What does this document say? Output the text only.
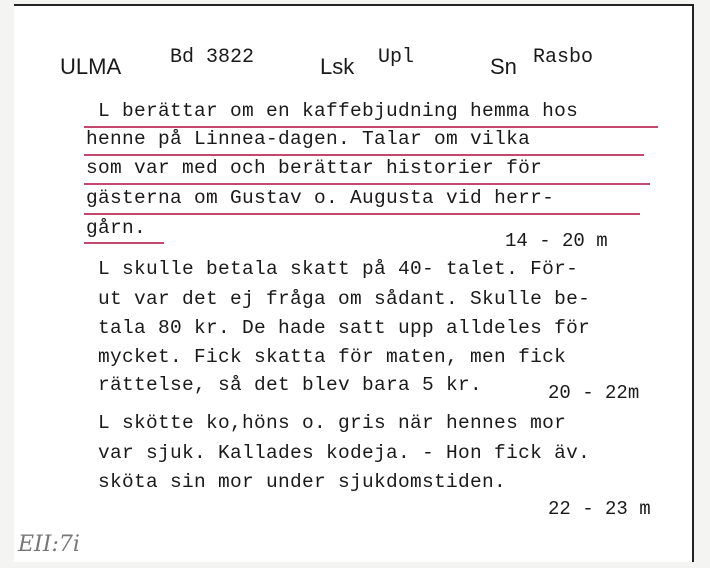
ULMA Bd 3822	Lsk Upl	Sn Rasbo
L berättar om en kaffebjudning hemma hos
henne på Linnea-dagen. Talar om vilka
som var med och berättar historier för
gästerna om Gustav o. Augusta vid herr-
gårn.
14 - 20 m
L skulle betala skatt på 40- talet. För-
ut var det ej fråga om sådant. Skulle be-
tala 80 kr. De hade satt upp alldeles för
mycket. Fick skatta för maten, men fick
rättelse, så det blev bara 5 kr.	20 - 22m
L skötte ko,höns o. gris när hennes mor
var sjuk. Kallades kodeja. - Hon fick äv.
sköta sin mor under sjukdomstiden.
22 - 23 m
EII:7i
